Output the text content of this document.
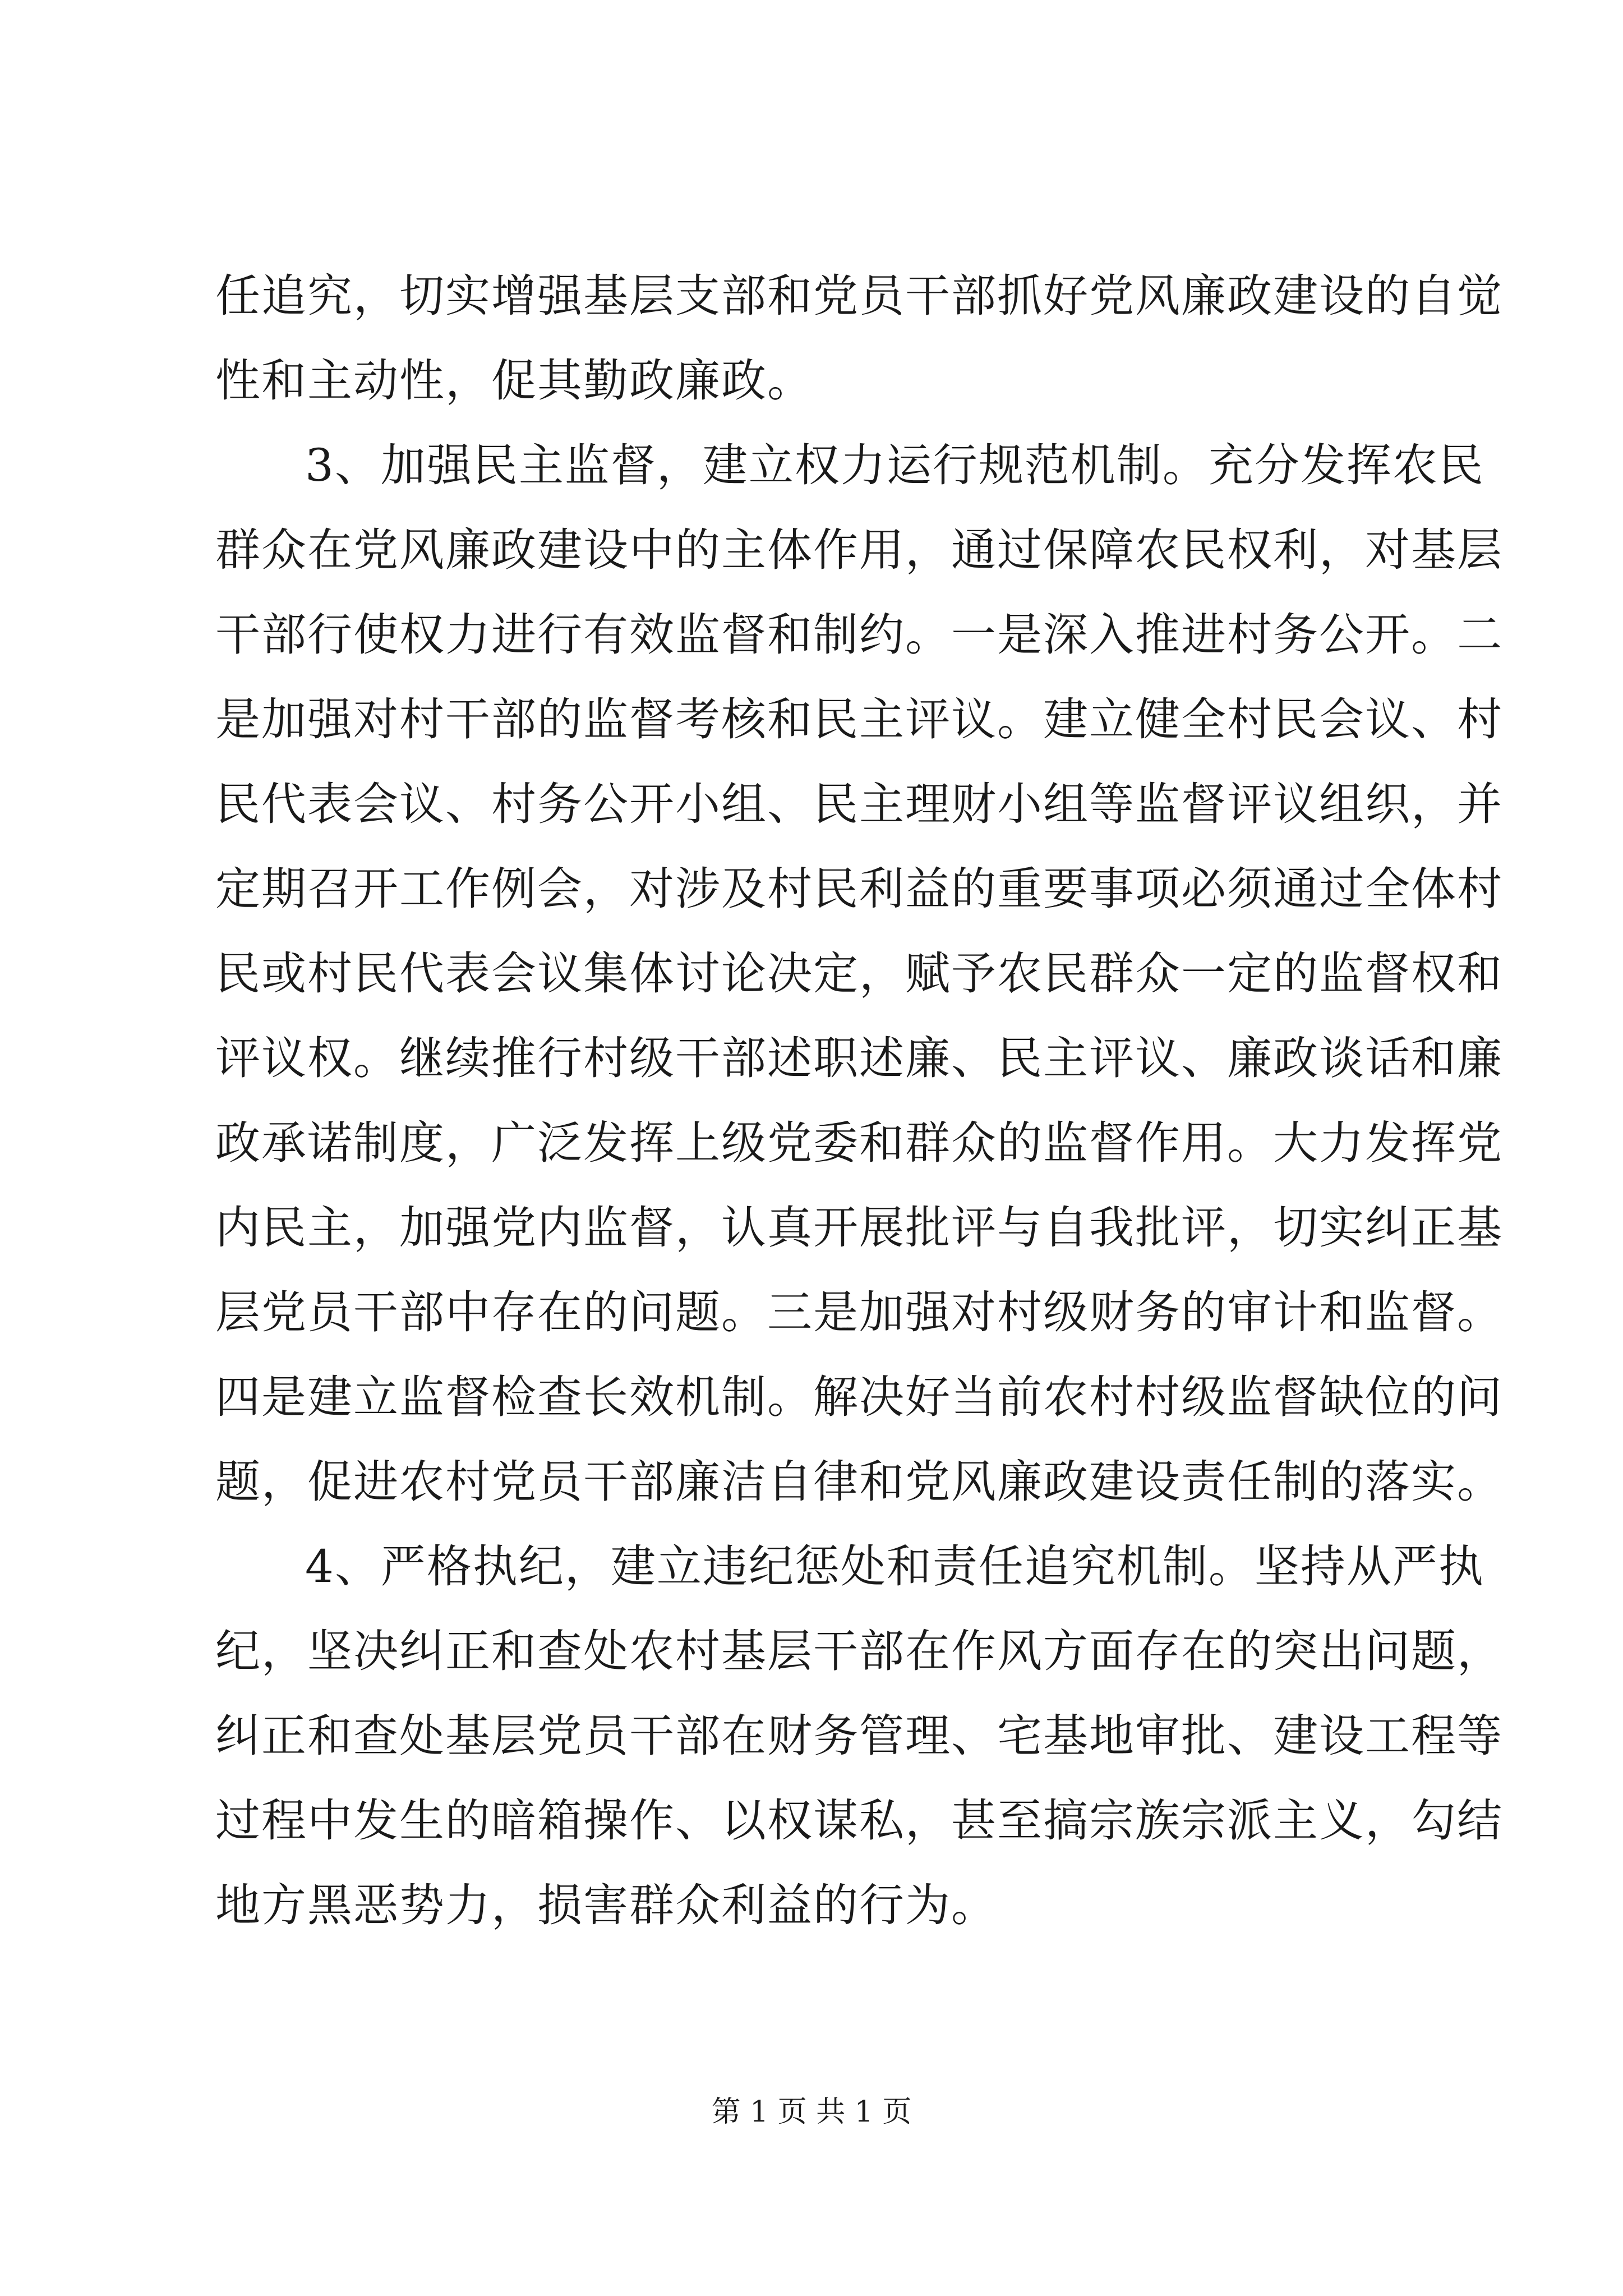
任追究，切实增强基层支部和党员干部抓好党风廉政建设的自觉
性和主动性，促其勤政廉政。
3、加强民主监督，建立权力运行规范机制。充分发挥农民
群众在党风廉政建设中的主体作用，通过保障农民权利，对基层
干部行使权力进行有效监督和制约。一是深入推进村务公开。二
是加强对村干部的监督考核和民主评议。建立健全村民会议、村
民代表会议、村务公开小组、民主理财小组等监督评议组织，并
定期召开工作例会，对涉及村民利益的重要事项必须通过全体村
民或村民代表会议集体讨论决定，赋予农民群众一定的监督权和
评议权。继续推行村级干部述职述廉、民主评议、廉政谈话和廉
政承诺制度，广泛发挥上级党委和群众的监督作用。大力发挥党
内民主，加强党内监督，认真开展批评与自我批评，切实纠正基
层党员干部中存在的问题。三是加强对村级财务的审计和监督。
四是建立监督检查长效机制。解决好当前农村村级监督缺位的问
题，促进农村党员干部廉洁自律和党风廉政建设责任制的落实。
4、严格执纪，建立违纪惩处和责任追究机制。坚持从严执
纪，坚决纠正和查处农村基层干部在作风方面存在的突出问题，
纠正和查处基层党员干部在财务管理、宅基地审批、建设工程等
过程中发生的暗箱操作、以权谋私，甚至搞宗族宗派主义，勾结
地方黑恶势力，损害群众利益的行为。
第 1 页 共 1 页
